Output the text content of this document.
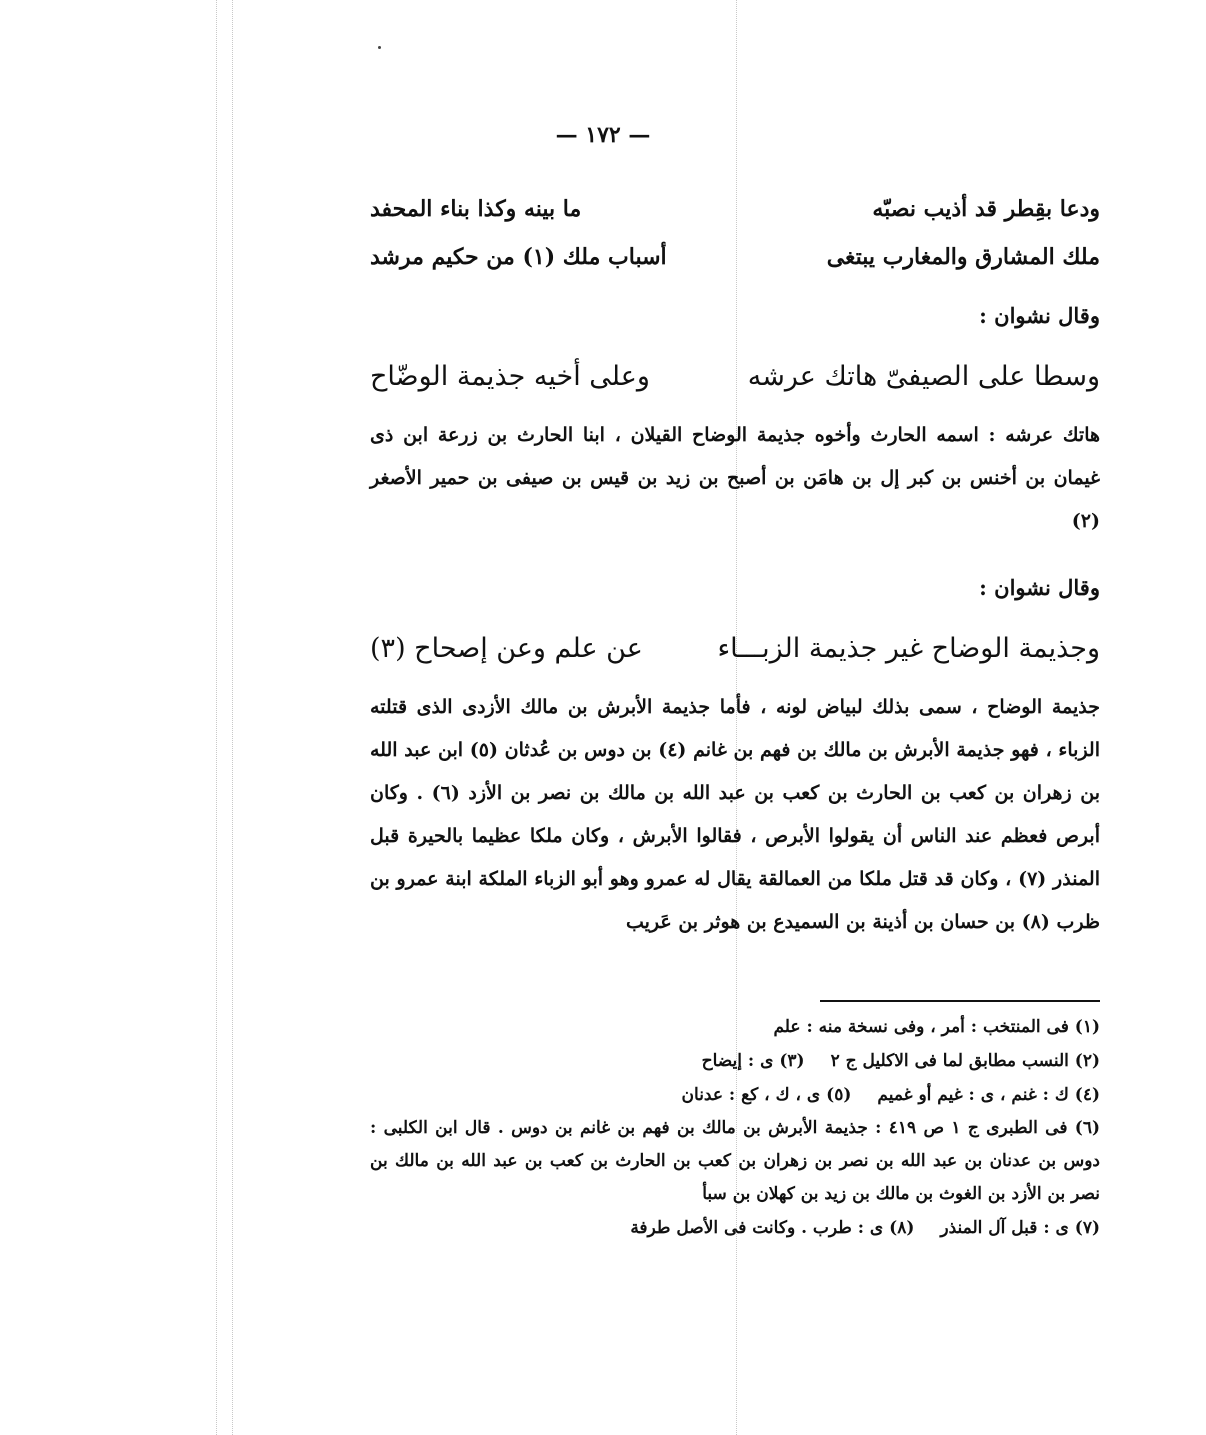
— ١٧٢ —
ودعا بقِطر قد أذيب نصبّه
ما بينه وكذا بناء المحفد
ملك المشارق والمغارب يبتغى
أسباب ملك (١) من حكيم مرشد
وقال نشوان :
وسطا على الصيفىّ هاتك عرشه
وعلى أخيه جذيمة الوضّاح
هاتك عرشه : اسمه الحارث وأخوه جذيمة الوضاح القيلان ، ابنا الحارث بن زرعة ابن ذى غيمان بن أخنس بن كبر إل بن هامَن بن أصبح بن زيد بن قيس بن صيفى بن حمير الأصغر (٢)
وقال نشوان :
وجذيمة الوضاح غير جذيمة الزبـــاء
عن علم وعن إصحاح (٣)
جذيمة الوضاح ، سمى بذلك لبياض لونه ، فأما جذيمة الأبرش بن مالك الأزدى الذى قتلته الزباء ، فهو جذيمة الأبرش بن مالك بن فهم بن غانم (٤) بن دوس بن عُدثان (٥) ابن عبد الله بن زهران بن كعب بن الحارث بن كعب بن عبد الله بن مالك بن نصر بن الأزد (٦) . وكان أبرص فعظم عند الناس أن يقولوا الأبرص ، فقالوا الأبرش ، وكان ملكا عظيما بالحيرة قبل المنذر (٧) ، وكان قد قتل ملكا من العمالقة يقال له عمرو وهو أبو الزباء الملكة ابنة عمرو بن ظرب (٨) بن حسان بن أذينة بن السميدع بن هوثر بن عَريب
(١) فى المنتخب : أمر ، وفى نسخة منه : علم
(٢) النسب مطابق لما فى الاكليل ج ٢(٣) ى : إيضاح
(٤) ك : غنم ، ى : غيم أو غميم(٥) ى ، ك ، كع : عدنان
(٦) فى الطبرى ج ١ ص ٤١٩ : جذيمة الأبرش بن مالك بن فهم بن غانم بن دوس . قال ابن الكلبى : دوس بن عدنان بن عبد الله بن نصر بن زهران بن كعب بن الحارث بن كعب بن عبد الله بن مالك بن نصر بن الأزد بن الغوث بن مالك بن زيد بن كهلان بن سبأ
(٧) ى : قبل آل المنذر(٨) ى : طرب . وكانت فى الأصل طرفة
